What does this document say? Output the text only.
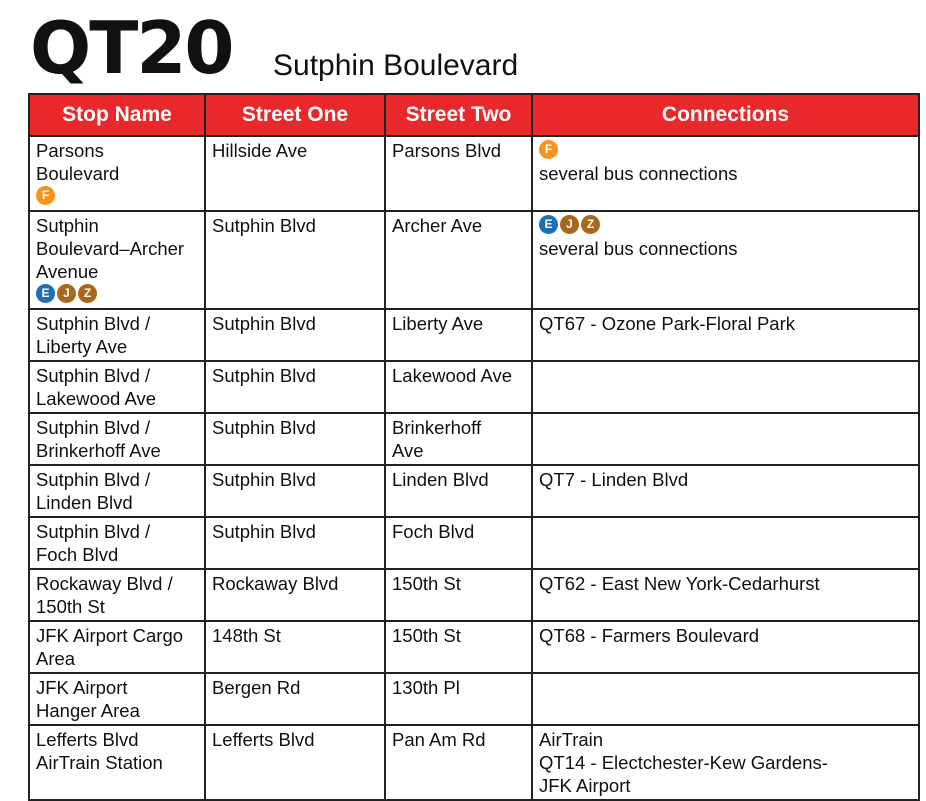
QT20 Sutphin Boulevard
Stop Name	Street One	Street Two	Connections

Parsons
Boulevard
F	Hillside Ave	Parsons Blvd	F
several bus connections

Sutphin
Boulevard–Archer
Avenue
E J Z	Sutphin Blvd	Archer Ave	E J Z
several bus connections

Sutphin Blvd /
Liberty Ave	Sutphin Blvd	Liberty Ave	QT67 - Ozone Park-Floral Park

Sutphin Blvd /
Lakewood Ave	Sutphin Blvd	Lakewood Ave	

Sutphin Blvd /
Brinkerhoff Ave	Sutphin Blvd	Brinkerhoff
Ave	

Sutphin Blvd /
Linden Blvd	Sutphin Blvd	Linden Blvd	QT7 - Linden Blvd

Sutphin Blvd /
Foch Blvd	Sutphin Blvd	Foch Blvd	

Rockaway Blvd /
150th St	Rockaway Blvd	150th St	QT62 - East New York-Cedarhurst

JFK Airport Cargo
Area	148th St	150th St	QT68 - Farmers Boulevard

JFK Airport
Hanger Area	Bergen Rd	130th Pl	

Lefferts Blvd
AirTrain Station	Lefferts Blvd	Pan Am Rd	AirTrain
QT14 - Electchester-Kew Gardens-
JFK Airport
